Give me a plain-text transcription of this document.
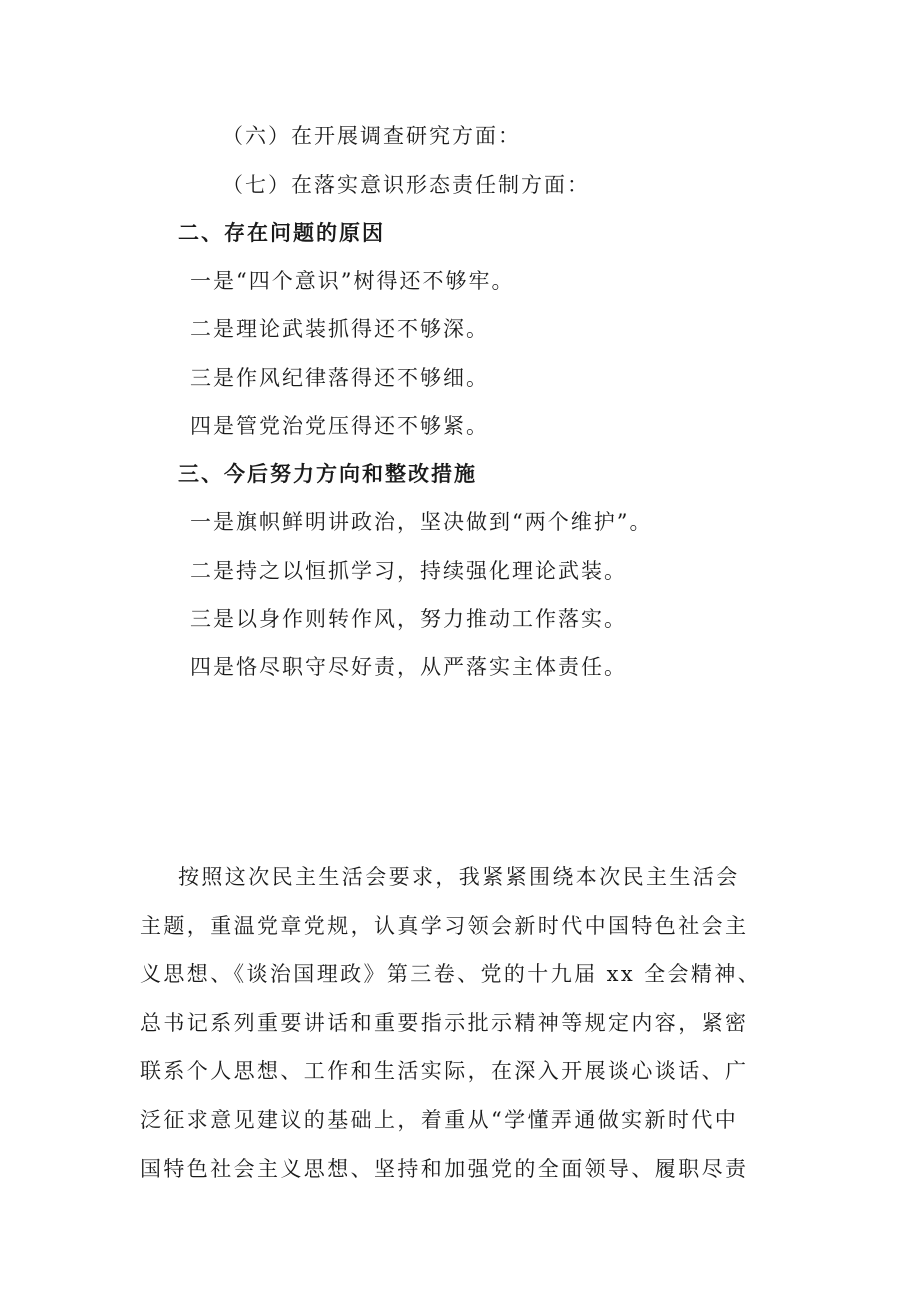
（六）在开展调查研究方面：
（七）在落实意识形态责任制方面：
二、存在问题的原因
一是“四个意识”树得还不够牢。
二是理论武装抓得还不够深。
三是作风纪律落得还不够细。
四是管党治党压得还不够紧。
三、今后努力方向和整改措施
一是旗帜鲜明讲政治，坚决做到“两个维护”。
二是持之以恒抓学习，持续强化理论武装。
三是以身作则转作风，努力推动工作落实。
四是恪尽职守尽好责，从严落实主体责任。
按照这次民主生活会要求，我紧紧围绕本次民主生活会
主题，重温党章党规，认真学习领会新时代中国特色社会主
义思想、《谈治国理政》第三卷、党的十九届 xx 全会精神、
总书记系列重要讲话和重要指示批示精神等规定内容，紧密
联系个人思想、工作和生活实际，在深入开展谈心谈话、广
泛征求意见建议的基础上，着重从“学懂弄通做实新时代中
国特色社会主义思想、坚持和加强党的全面领导、履职尽责
